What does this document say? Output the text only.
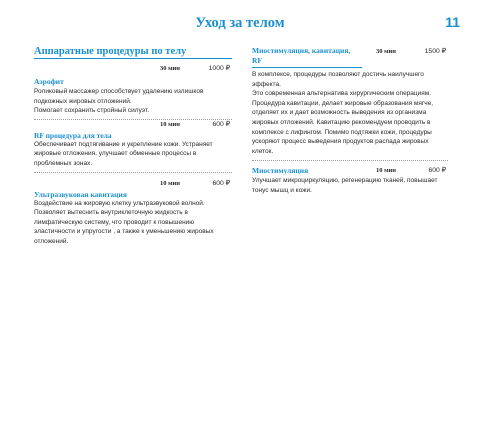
Уход за телом	11
Аппаратные процедуры по телу
30 мин	1000 ₽
Аэрофит

Роликовый массажер способствует удалению излишков подкожных жировых отложений.
Помогает сохранить стройный силуэт.

10 мин	600 ₽
RF процедура для тела

Обеспечивает подтягивание и укрепление кожи. Устраняет жировые отложения, улучшает обменные процессы в проблемных зонах.

10 мин	600 ₽
Ультразвуковая кавитация

Воздействие на жировую клетку ультразвуковой волной. Позволяет вытеснить внутриклеточную жидкость в лимфатическую систему, что проводит к повышению эластичности и упругости , а также к уменьшению жировых отложений.

Миостимуляция, кавитация, RF
30 мин	1500 ₽

В комплексе, процедуры позволяют достичь наилучшего эффекта.
Это современная альтернатива хирургическим операциям. Процедура кавитации, делает жировые образования мягче, отделяет их и дает возможность выведения из организма жировых отложений. Кавитацию рекомендуем проводить в комплексе с лифингом. Помимо подтяжки кожи, процедуры ускоряют процесс выведения продуктов распада жировых клеток.

Миостимуляция	10 мин	600 ₽

Улучшает микроциркуляцию, регенерацию тканей, повышает тонус мышц и кожи.
